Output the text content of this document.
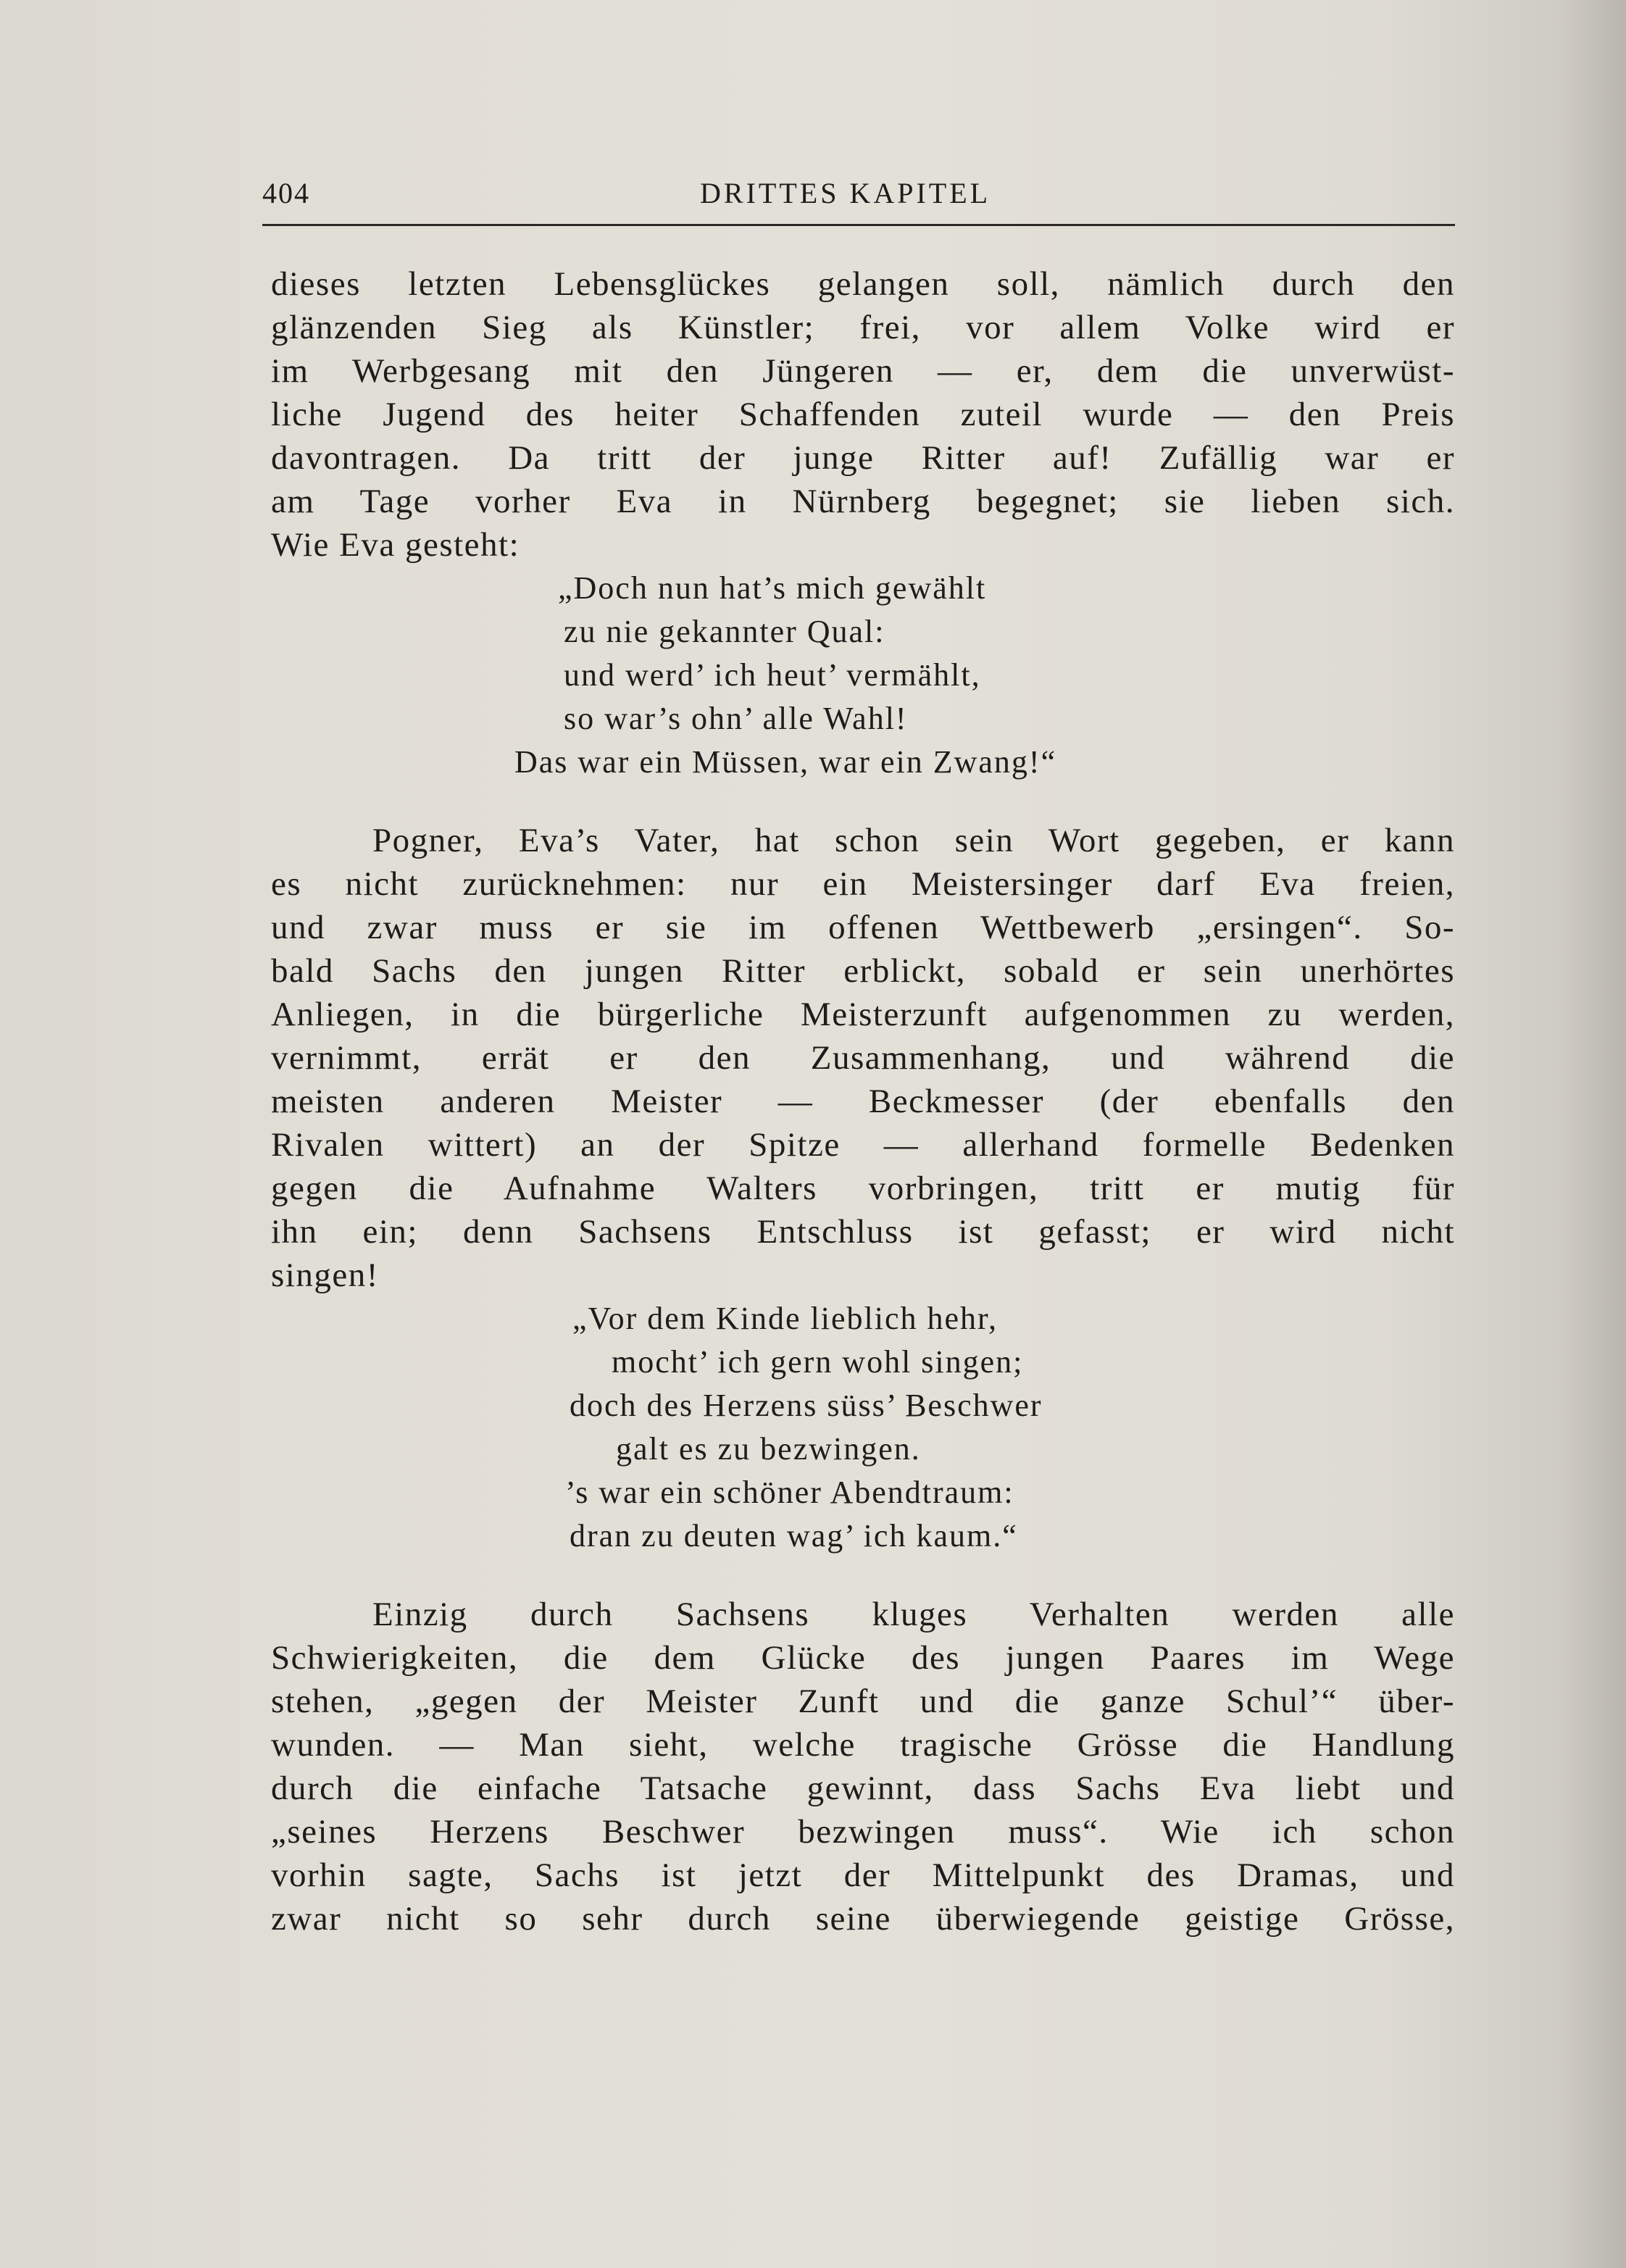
404	DRITTES KAPITEL
dieses letzten Lebensglückes gelangen soll, nämlich durch den
glänzenden Sieg als Künstler; frei, vor allem Volke wird er
im Werbgesang mit den Jüngeren — er, dem die unverwüst-
liche Jugend des heiter Schaffenden zuteil wurde — den Preis
davontragen. Da tritt der junge Ritter auf! Zufällig war er
am Tage vorher Eva in Nürnberg begegnet; sie lieben sich.
Wie Eva gesteht:
„Doch nun hat’s mich gewählt
zu nie gekannter Qual:
und werd’ ich heut’ vermählt,
so war’s ohn’ alle Wahl!
Das war ein Müssen, war ein Zwang!“
Pogner, Eva’s Vater, hat schon sein Wort gegeben, er kann
es nicht zurücknehmen: nur ein Meistersinger darf Eva freien,
und zwar muss er sie im offenen Wettbewerb „ersingen“. So-
bald Sachs den jungen Ritter erblickt, sobald er sein unerhörtes
Anliegen, in die bürgerliche Meisterzunft aufgenommen zu werden,
vernimmt, errät er den Zusammenhang, und während die
meisten anderen Meister — Beckmesser (der ebenfalls den
Rivalen wittert) an der Spitze — allerhand formelle Bedenken
gegen die Aufnahme Walters vorbringen, tritt er mutig für
ihn ein; denn Sachsens Entschluss ist gefasst; er wird nicht
singen!
„Vor dem Kinde lieblich hehr,
mocht’ ich gern wohl singen;
doch des Herzens süss’ Beschwer
galt es zu bezwingen.
’s war ein schöner Abendtraum:
dran zu deuten wag’ ich kaum.“
Einzig durch Sachsens kluges Verhalten werden alle
Schwierigkeiten, die dem Glücke des jungen Paares im Wege
stehen, „gegen der Meister Zunft und die ganze Schul’“ über-
wunden. — Man sieht, welche tragische Grösse die Handlung
durch die einfache Tatsache gewinnt, dass Sachs Eva liebt und
„seines Herzens Beschwer bezwingen muss“. Wie ich schon
vorhin sagte, Sachs ist jetzt der Mittelpunkt des Dramas, und
zwar nicht so sehr durch seine überwiegende geistige Grösse,
